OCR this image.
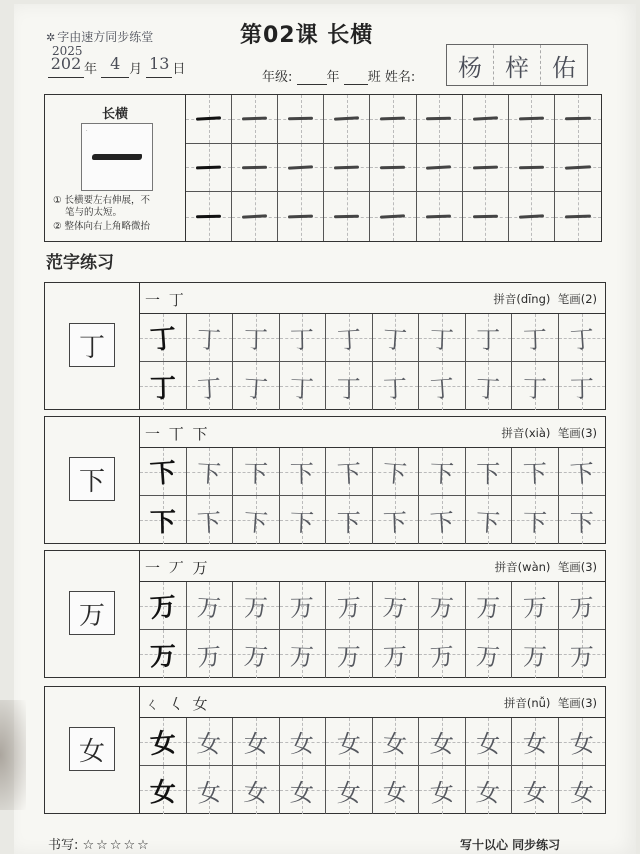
✲ 字由速方同步练堂	第02课 长横
2025
202 年 4 月 13 日
年级:	年 班 姓名:	杨 梓 佑
长横
·
① 长横要左右伸展，不
笔与的太短。
② 整体向右上角略微抬
范字练习
丁
一 丁	拼音(dīng) 笔画(2)
丁 丁 丁 丁 丁 丁 丁 丁 丁 丁
丁 丁 丁 丁 丁 丁 丁 丁 丁 丁
下
一 丅 下	拼音(xià) 笔画(3)
下 下 下 下 下 下 下 下 下 下
下 下 下 下 下 下 下 下 下 下
万
一 丆 万	拼音(wàn) 笔画(3)
万 万 万 万 万 万 万 万 万 万
万 万 万 万 万 万 万 万 万 万
女
ㄑ 𡿨 女	拼音(nǚ) 笔画(3)
女 女 女 女 女 女 女 女 女 女
女 女 女 女 女 女 女 女 女 女
书写: ☆☆☆☆☆	写十以心 同步练习
